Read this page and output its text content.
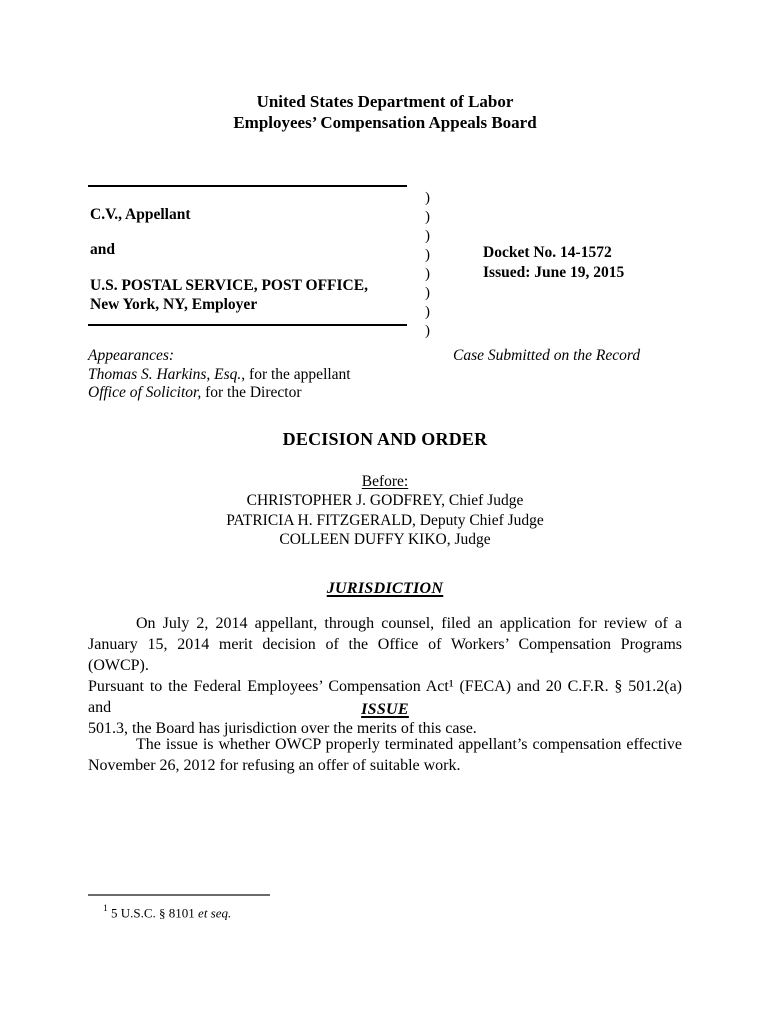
United States Department of Labor
Employees’ Compensation Appeals Board
C.V., Appellant
and
U.S. POSTAL SERVICE, POST OFFICE,
New York, NY, Employer
)
)
)
)
)
)
)
)
Docket No. 14-1572
Issued: June 19, 2015
Appearances:
Thomas S. Harkins, Esq., for the appellant
Office of Solicitor, for the Director
Case Submitted on the Record
DECISION AND ORDER
Before:
CHRISTOPHER J. GODFREY, Chief Judge
PATRICIA H. FITZGERALD, Deputy Chief Judge
COLLEEN DUFFY KIKO, Judge
JURISDICTION
On July 2, 2014 appellant, through counsel, filed an application for review of a
January 15, 2014 merit decision of the Office of Workers’ Compensation Programs (OWCP).
Pursuant to the Federal Employees’ Compensation Act¹ (FECA) and 20 C.F.R. § 501.2(a) and
501.3, the Board has jurisdiction over the merits of this case.
ISSUE
The issue is whether OWCP properly terminated appellant’s compensation effective
November 26, 2012 for refusing an offer of suitable work.
$^1$ 5 U.S.C. § 8101 et seq.
